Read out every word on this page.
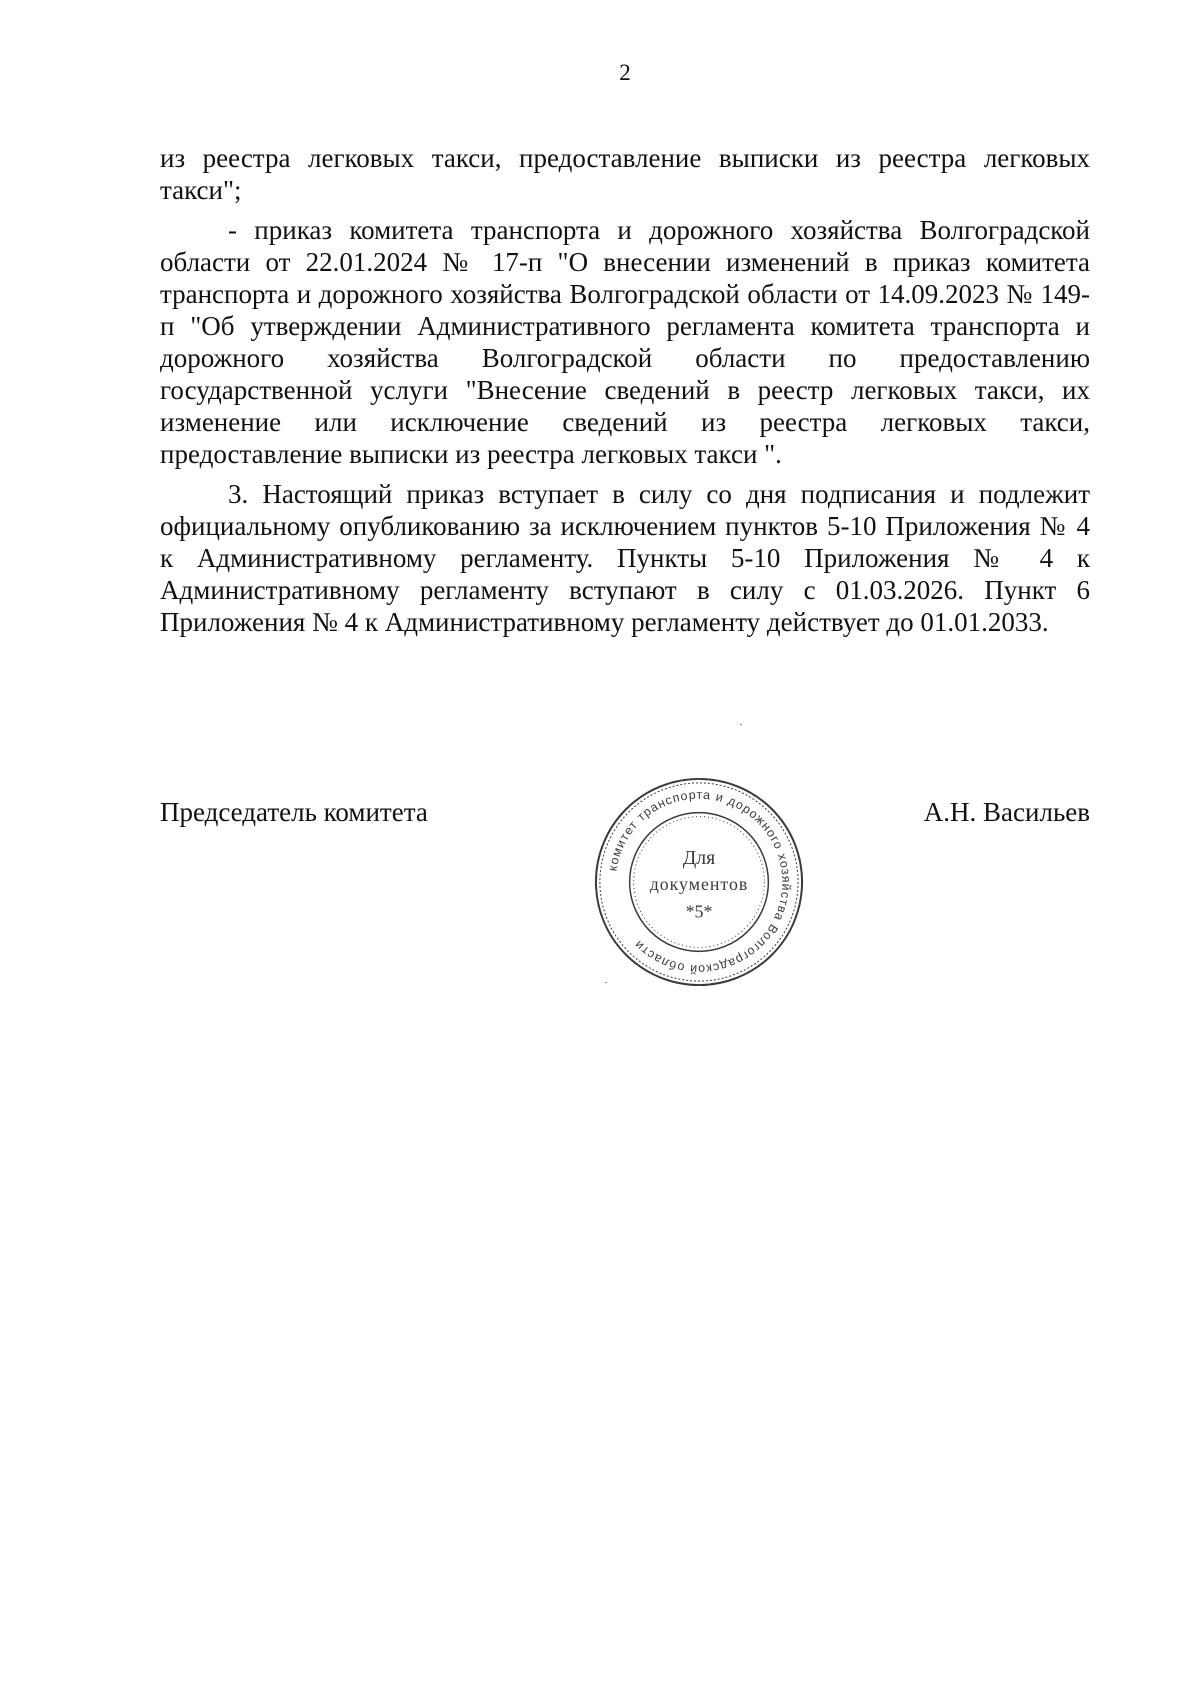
2

из реестра легковых такси, предоставление выписки из реестра легковых такси";

- приказ комитета транспорта и дорожного хозяйства Волгоградской области от 22.01.2024 № 17-п "О внесении изменений в приказ комитета транспорта и дорожного хозяйства Волгоградской области от 14.09.2023 № 149-п "Об утверждении Административного регламента комитета транспорта и дорожного хозяйства Волгоградской области по предоставлению государственной услуги "Внесение сведений в реестр легковых такси, их изменение или исключение сведений из реестра легковых такси, предоставление выписки из реестра легковых такси ".

3. Настоящий приказ вступает в силу со дня подписания и подлежит официальному опубликованию за исключением пунктов 5-10 Приложения № 4 к Административному регламенту. Пункты 5-10 Приложения № 4 к Административному регламенту вступают в силу с 01.03.2026. Пункт 6 Приложения № 4 к Административному регламенту действует до 01.01.2033.

Председатель комитета	А.Н. Васильев
комитет транспорта и дорожного хозяйства Волгоградской области
Для
документов
*5*
